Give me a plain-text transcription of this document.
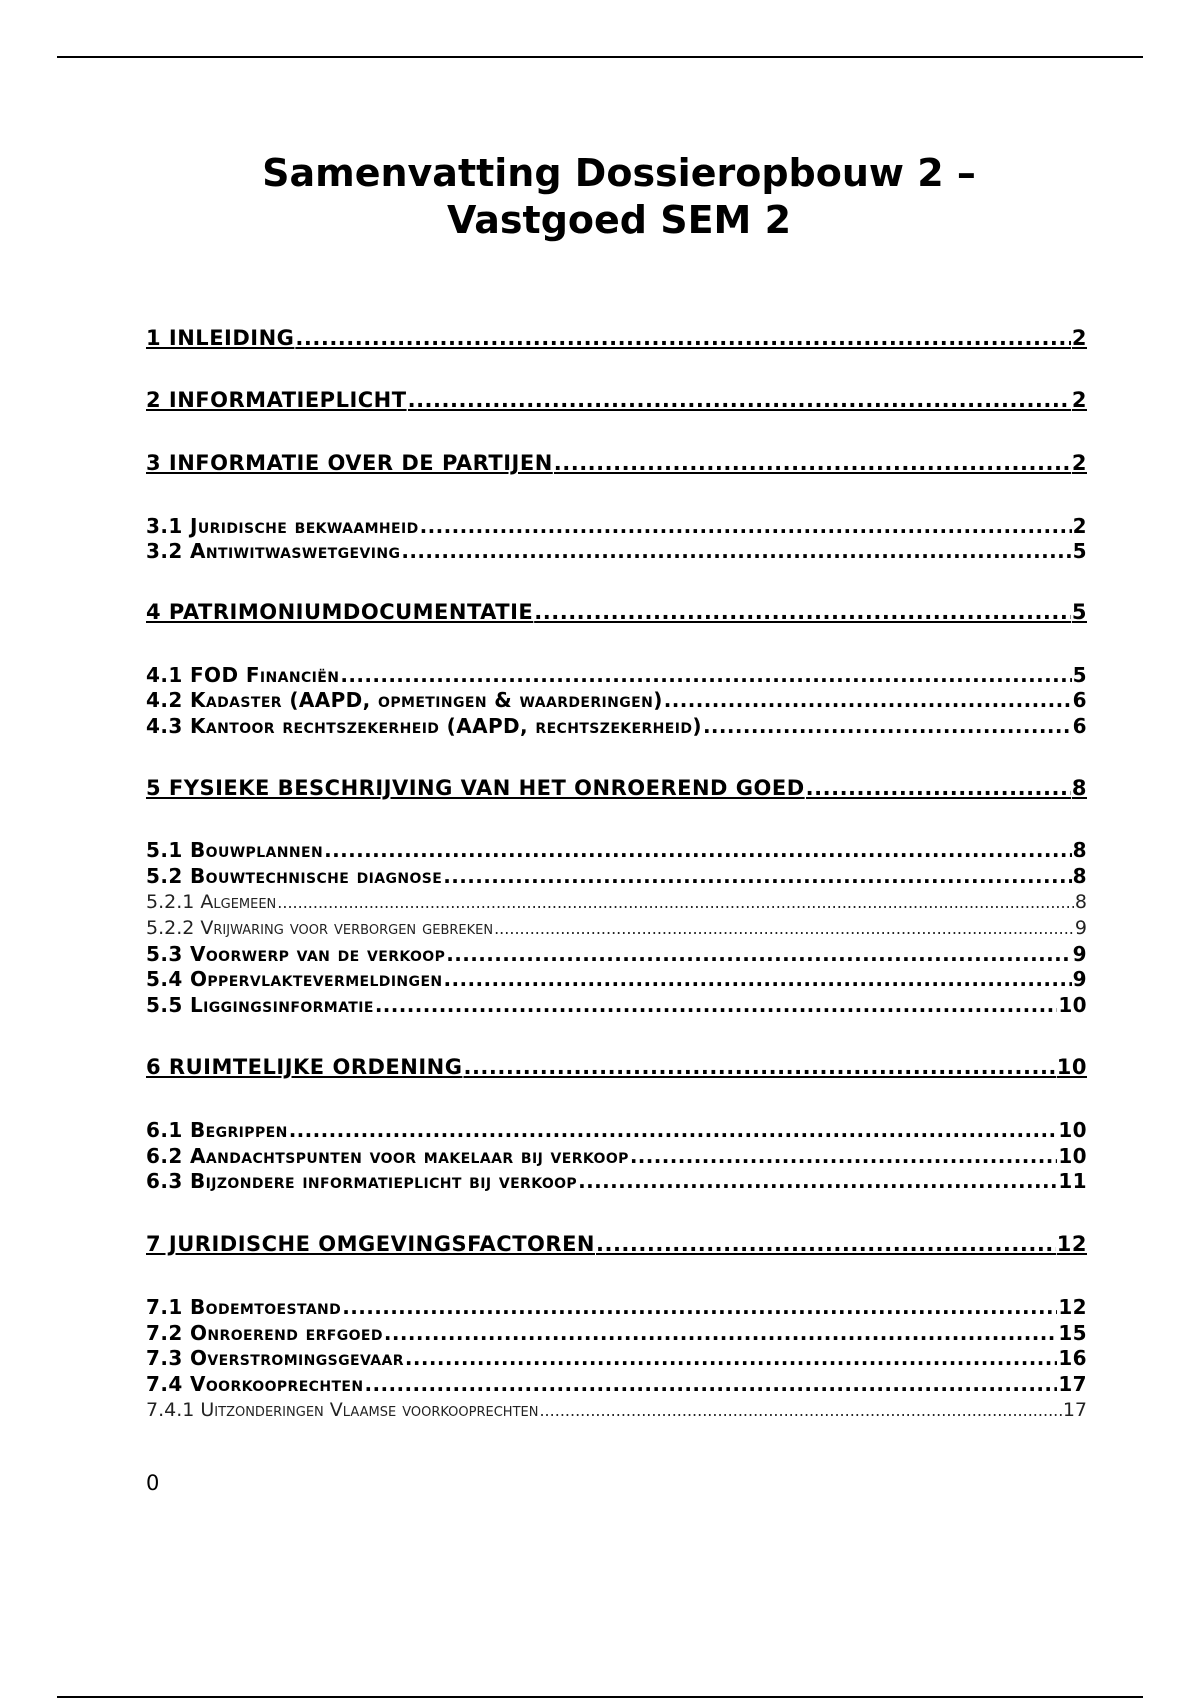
Samenvatting Dossieropbouw 2 –
Vastgoed SEM 2
1 INLEIDING .....	2
2 INFORMATIEPLICHT .....	2
3 INFORMATIE OVER DE PARTIJEN .....	2
3.1 Juridische bekwaamheid .....	2
3.2 Antiwitwaswetgeving .....	5
4 PATRIMONIUMDOCUMENTATIE .....	5
4.1 FOD Financiën .....	5
4.2 Kadaster (AAPD, opmetingen & waarderingen) .....	6
4.3 Kantoor rechtszekerheid (AAPD, rechtszekerheid) .....	6
5 FYSIEKE BESCHRIJVING VAN HET ONROEREND GOED .....	8
5.1 Bouwplannen .....	8
5.2 Bouwtechnische diagnose .....	8
5.2.1 Algemeen .....	8
5.2.2 Vrijwaring voor verborgen gebreken .....	9
5.3 Voorwerp van de verkoop .....	9
5.4 Oppervlaktevermeldingen .....	9
5.5 Liggingsinformatie .....	10
6 RUIMTELIJKE ORDENING .....	10
6.1 Begrippen .....	10
6.2 Aandachtspunten voor makelaar bij verkoop .....	10
6.3 Bijzondere informatieplicht bij verkoop .....	11
7 JURIDISCHE OMGEVINGSFACTOREN .....	12
7.1 Bodemtoestand .....	12
7.2 Onroerend erfgoed .....	15
7.3 Overstromingsgevaar .....	16
7.4 Voorkooprechten .....	17
7.4.1 Uitzonderingen Vlaamse voorkooprechten .....	17
0
